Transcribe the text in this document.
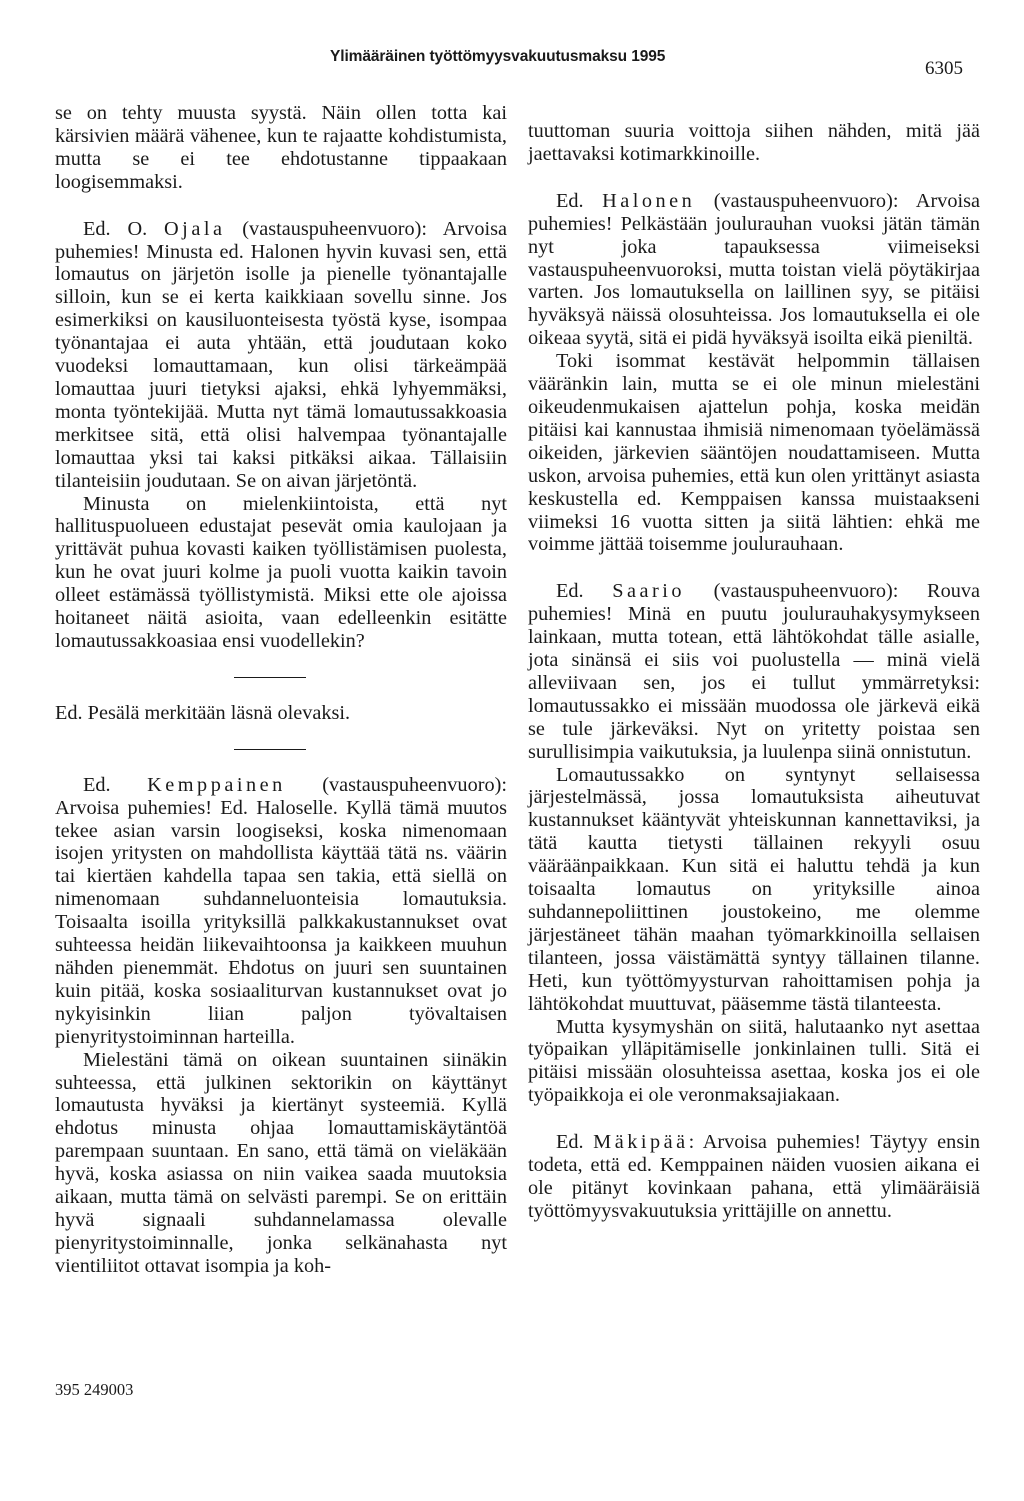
Ylimääräinen työttömyysvakuutusmaksu 1995
6305

se on tehty muusta syystä. Näin ollen totta kai kärsivien määrä vähenee, kun te rajaatte kohdistumista, mutta se ei tee ehdotustanne tippaakaan loogisemmaksi.

Ed. O. Ojala (vastauspuheenvuoro): Arvoisa puhemies! Minusta ed. Halonen hyvin kuvasi sen, että lomautus on järjetön isolle ja pienelle työnantajalle silloin, kun se ei kerta kaikkiaan sovellu sinne. Jos esimerkiksi on kausiluonteisesta työstä kyse, isompaa työnantajaa ei auta yhtään, että joudutaan koko vuodeksi lomauttamaan, kun olisi tärkeämpää lomauttaa juuri tietyksi ajaksi, ehkä lyhyemmäksi, monta työntekijää. Mutta nyt tämä lomautussakkoasia merkitsee sitä, että olisi halvempaa työnantajalle lomauttaa yksi tai kaksi pitkäksi aikaa. Tällaisiin tilanteisiin joudutaan. Se on aivan järjetöntä.

Minusta on mielenkiintoista, että nyt hallituspuolueen edustajat pesevät omia kaulojaan ja yrittävät puhua kovasti kaiken työllistämisen puolesta, kun he ovat juuri kolme ja puoli vuotta kaikin tavoin olleet estämässä työllistymistä. Miksi ette ole ajoissa hoitaneet näitä asioita, vaan edelleenkin esitätte lomautussakkoasiaa ensi vuodellekin?

Ed. Pesälä merkitään läsnä olevaksi.

Ed. Kemppainen (vastauspuheenvuoro): Arvoisa puhemies! Ed. Haloselle. Kyllä tämä muutos tekee asian varsin loogiseksi, koska nimenomaan isojen yritysten on mahdollista käyttää tätä ns. väärin tai kiertäen kahdella tapaa sen takia, että siellä on nimenomaan suhdanneluonteisia lomautuksia. Toisaalta isoilla yrityksillä palkkakustannukset ovat suhteessa heidän liikevaihtoonsa ja kaikkeen muuhun nähden pienemmät. Ehdotus on juuri sen suuntainen kuin pitää, koska sosiaaliturvan kustannukset ovat jo nykyisinkin liian paljon työvaltaisen pienyritystoiminnan harteilla.

Mielestäni tämä on oikean suuntainen siinäkin suhteessa, että julkinen sektorikin on käyttänyt lomautusta hyväksi ja kiertänyt systeemiä. Kyllä ehdotus minusta ohjaa lomauttamiskäytäntöä parempaan suuntaan. En sano, että tämä on vieläkään hyvä, koska asiassa on niin vaikea saada muutoksia aikaan, mutta tämä on selvästi parempi. Se on erittäin hyvä signaali suhdannelamassa olevalle pienyritystoiminnalle, jonka selkänahasta nyt vientiliitot ottavat isompia ja koh-

tuuttoman suuria voittoja siihen nähden, mitä jää jaettavaksi kotimarkkinoille.

Ed. Halonen (vastauspuheenvuoro): Arvoisa puhemies! Pelkästään joulurauhan vuoksi jätän tämän nyt joka tapauksessa viimeiseksi vastauspuheenvuoroksi, mutta toistan vielä pöytäkirjaa varten. Jos lomautuksella on laillinen syy, se pitäisi hyväksyä näissä olosuhteissa. Jos lomautuksella ei ole oikeaa syytä, sitä ei pidä hyväksyä isoilta eikä pieniltä.

Toki isommat kestävät helpommin tällaisen vääränkin lain, mutta se ei ole minun mielestäni oikeudenmukaisen ajattelun pohja, koska meidän pitäisi kai kannustaa ihmisiä nimenomaan työelämässä oikeiden, järkevien sääntöjen noudattamiseen. Mutta uskon, arvoisa puhemies, että kun olen yrittänyt asiasta keskustella ed. Kemppaisen kanssa muistaakseni viimeksi 16 vuotta sitten ja siitä lähtien: ehkä me voimme jättää toisemme joulurauhaan.

Ed. Saario (vastauspuheenvuoro): Rouva puhemies! Minä en puutu joulurauhakysymykseen lainkaan, mutta totean, että lähtökohdat tälle asialle, jota sinänsä ei siis voi puolustella — minä vielä alleviivaan sen, jos ei tullut ymmärretyksi: lomautussakko ei missään muodossa ole järkevä eikä se tule järkeväksi. Nyt on yritetty poistaa sen surullisimpia vaikutuksia, ja luulenpa siinä onnistutun.

Lomautussakko on syntynyt sellaisessa järjestelmässä, jossa lomautuksista aiheutuvat kustannukset kääntyvät yhteiskunnan kannettaviksi, ja tätä kautta tietysti tällainen rekyyli osuu vääräänpaikkaan. Kun sitä ei haluttu tehdä ja kun toisaalta lomautus on yrityksille ainoa suhdannepoliittinen joustokeino, me olemme järjestäneet tähän maahan työmarkkinoilla sellaisen tilanteen, jossa väistämättä syntyy tällainen tilanne. Heti, kun työttömyysturvan rahoittamisen pohja ja lähtökohdat muuttuvat, pääsemme tästä tilanteesta.

Mutta kysymyshän on siitä, halutaanko nyt asettaa työpaikan ylläpitämiselle jonkinlainen tulli. Sitä ei pitäisi missään olosuhteissa asettaa, koska jos ei ole työpaikkoja ei ole veronmaksajiakaan.

Ed. Mäkipää: Arvoisa puhemies! Täytyy ensin todeta, että ed. Kemppainen näiden vuosien aikana ei ole pitänyt kovinkaan pahana, että ylimääräisiä työttömyysvakuutuksia yrittäjille on annettu.

395 249003
